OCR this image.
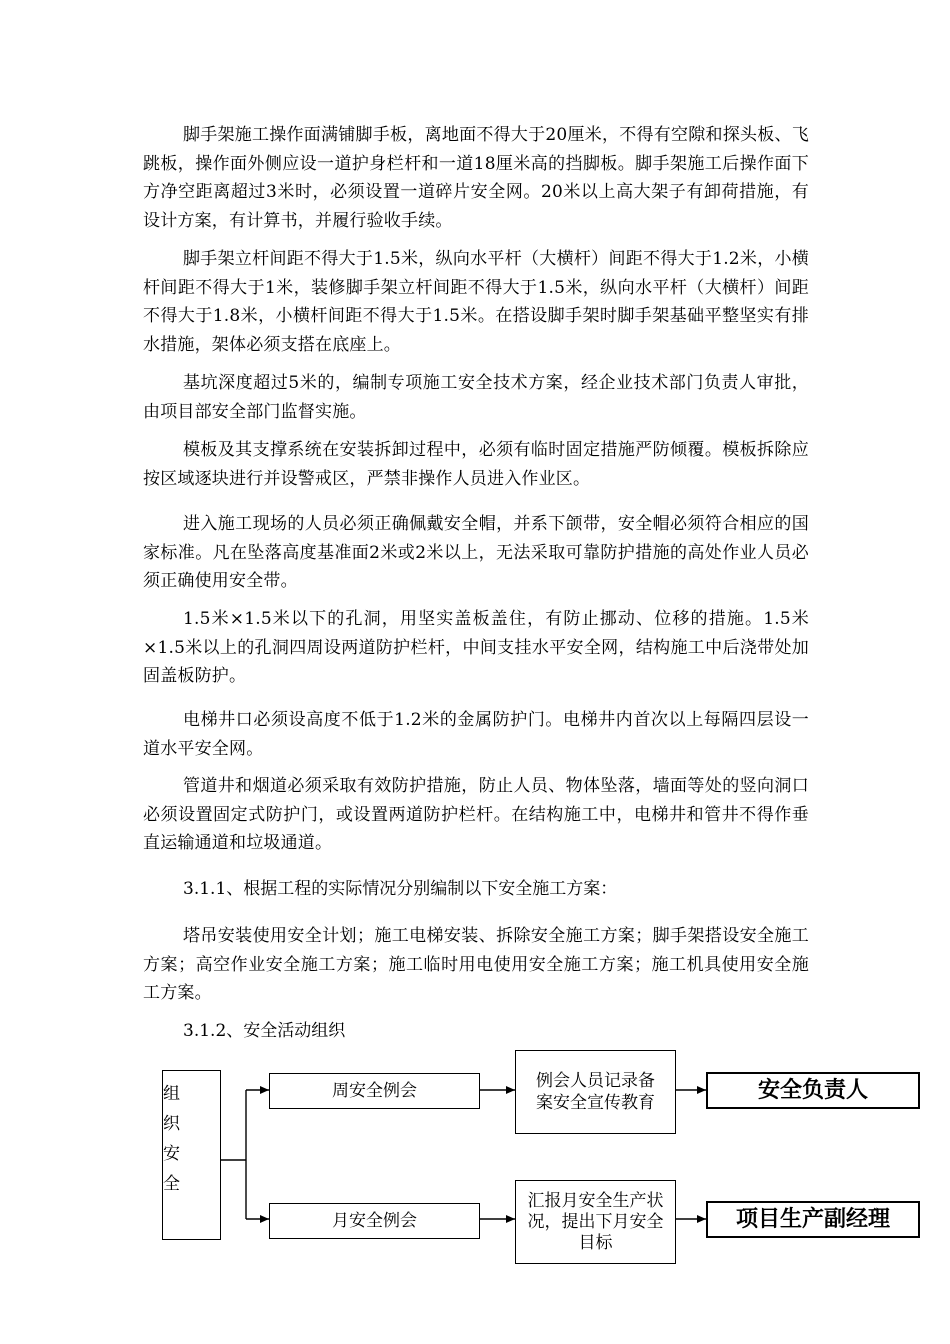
脚手架施工操作面满铺脚手板，离地面不得大于20厘米，不得有空隙和探头板、飞跳板，操作面外侧应设一道护身栏杆和一道18厘米高的挡脚板。脚手架施工后操作面下方净空距离超过3米时，必须设置一道碎片安全网。20米以上高大架子有卸荷措施，有设计方案，有计算书，并履行验收手续。

脚手架立杆间距不得大于1.5米，纵向水平杆（大横杆）间距不得大于1.2米，小横杆间距不得大于1米，装修脚手架立杆间距不得大于1.5米，纵向水平杆（大横杆）间距不得大于1.8米，小横杆间距不得大于1.5米。在搭设脚手架时脚手架基础平整坚实有排水措施，架体必须支搭在底座上。

基坑深度超过5米的，编制专项施工安全技术方案，经企业技术部门负责人审批，由项目部安全部门监督实施。

模板及其支撑系统在安装拆卸过程中，必须有临时固定措施严防倾覆。模板拆除应按区域逐块进行并设警戒区，严禁非操作人员进入作业区。

进入施工现场的人员必须正确佩戴安全帽，并系下颌带，安全帽必须符合相应的国家标准。凡在坠落高度基准面2米或2米以上，无法采取可靠防护措施的高处作业人员必须正确使用安全带。

1.5米×1.5米以下的孔洞，用坚实盖板盖住，有防止挪动、位移的措施。1.5米×1.5米以上的孔洞四周设两道防护栏杆，中间支挂水平安全网，结构施工中后浇带处加固盖板防护。

电梯井口必须设高度不低于1.2米的金属防护门。电梯井内首次以上每隔四层设一道水平安全网。

管道井和烟道必须采取有效防护措施，防止人员、物体坠落，墙面等处的竖向洞口必须设置固定式防护门，或设置两道防护栏杆。在结构施工中，电梯井和管井不得作垂直运输通道和垃圾通道。

3.1.1、根据工程的实际情况分别编制以下安全施工方案：

塔吊安装使用安全计划；施工电梯安装、拆除安全施工方案；脚手架搭设安全施工方案；高空作业安全施工方案；施工临时用电使用安全施工方案；施工机具使用安全施工方案。

3.1.2、安全活动组织

组
织
安
全
周安全例会
月安全例会
例会人员记录备案安全宣传教育
汇报月安全生产状况，提出下月安全目标
安全负责人
项目生产副经理
